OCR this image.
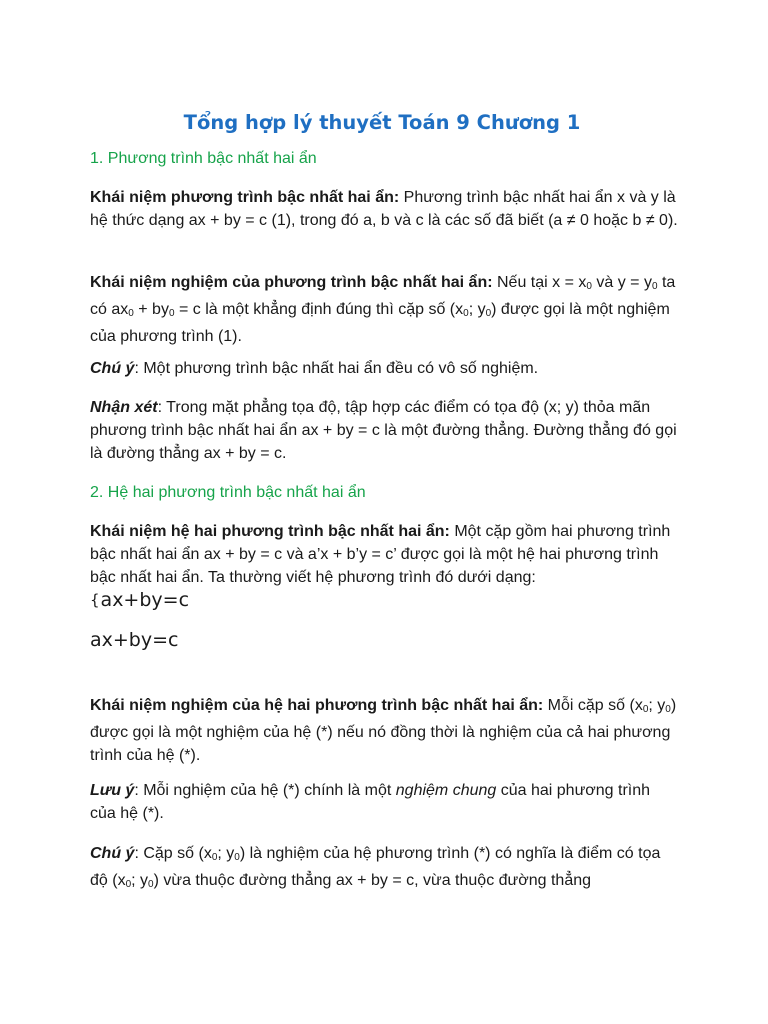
Tổng hợp lý thuyết Toán 9 Chương 1
1. Phương trình bậc nhất hai ẩn

Khái niệm phương trình bậc nhất hai ẩn: Phương trình bậc nhất hai ẩn x và y là hệ thức dạng ax + by = c (1), trong đó a, b và c là các số đã biết (a ≠ 0 hoặc b ≠ 0).

Khái niệm nghiệm của phương trình bậc nhất hai ẩn: Nếu tại $x = x_0$ và $y = y_0$ ta có $ax_0 + by_0 = c$ là một khẳng định đúng thì cặp số ($x_0$; $y_0$) được gọi là một nghiệm của phương trình (1).

Chú ý: Một phương trình bậc nhất hai ẩn đều có vô số nghiệm.

Nhận xét: Trong mặt phẳng tọa độ, tập hợp các điểm có tọa độ (x; y) thỏa mãn phương trình bậc nhất hai ẩn ax + by = c là một đường thẳng. Đường thẳng đó gọi là đường thẳng ax + by = c.

2. Hệ hai phương trình bậc nhất hai ẩn

Khái niệm hệ hai phương trình bậc nhất hai ẩn: Một cặp gồm hai phương trình bậc nhất hai ẩn ax + by = c và a’x + b’y = c’ được gọi là một hệ hai phương trình bậc nhất hai ẩn. Ta thường viết hệ phương trình đó dưới dạng:

{ax+by=c

ax+by=c

Khái niệm nghiệm của hệ hai phương trình bậc nhất hai ẩn: Mỗi cặp số ($x_0$; $y_0$) được gọi là một nghiệm của hệ (*) nếu nó đồng thời là nghiệm của cả hai phương trình của hệ (*).

Lưu ý: Mỗi nghiệm của hệ (*) chính là một nghiệm chung của hai phương trình của hệ (*).

Chú ý: Cặp số ($x_0$; $y_0$) là nghiệm của hệ phương trình (*) có nghĩa là điểm có tọa độ ($x_0$; $y_0$) vừa thuộc đường thẳng ax + by = c, vừa thuộc đường thẳng
